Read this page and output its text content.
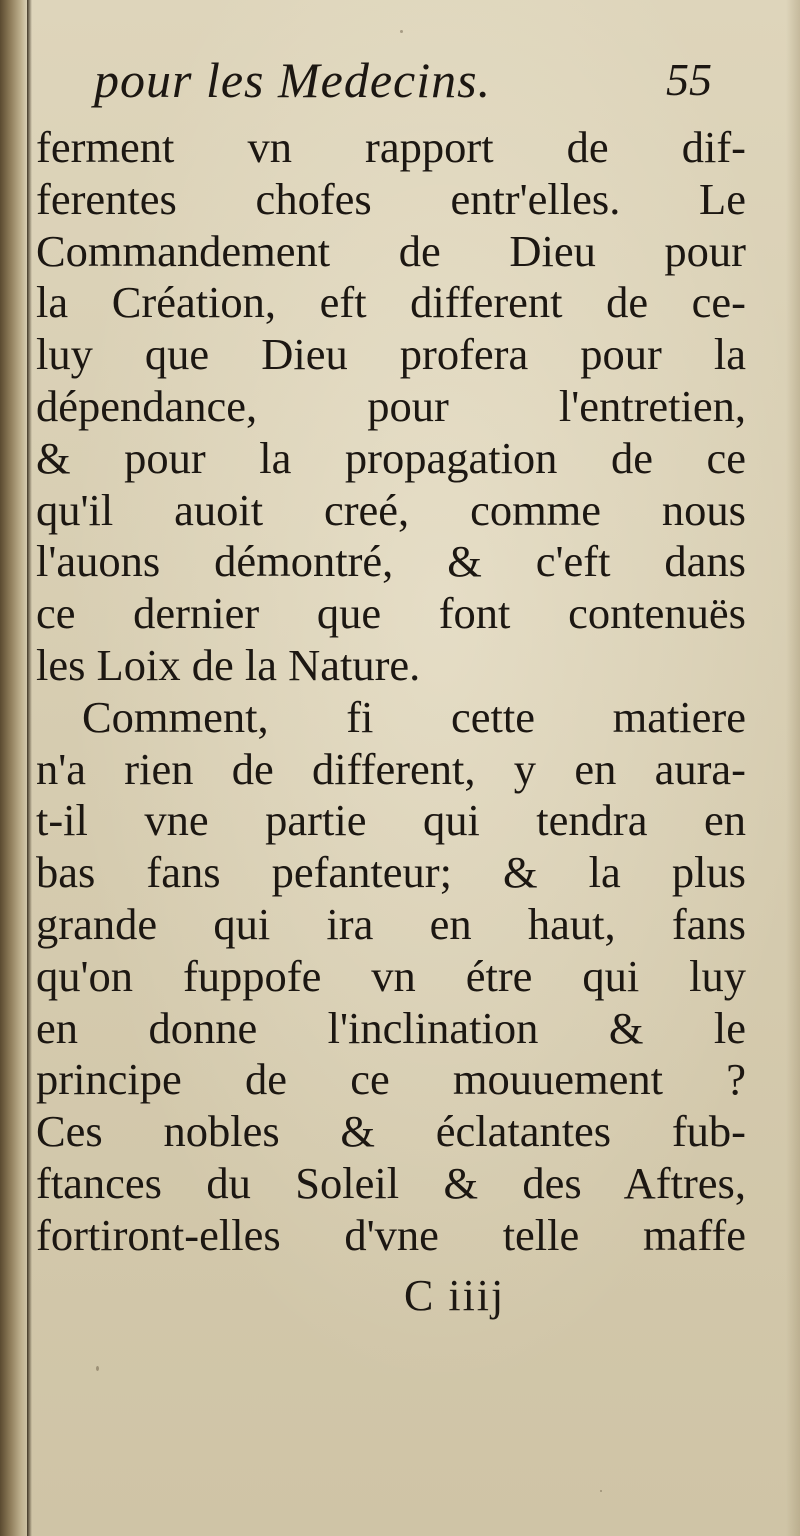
pour les Medecins.	55
ferment vn rapport de dif-
ferentes chofes entr'elles. Le
Commandement de Dieu pour
la Création, eft different de ce-
luy que Dieu profera pour la
dépendance, pour l'entretien,
& pour la propagation de ce
qu'il auoit creé, comme nous
l'auons démontré, & c'eft dans
ce dernier que font contenuës
les Loix de la Nature.
Comment, fi cette matiere
n'a rien de different, y en aura-
t-il vne partie qui tendra en
bas fans pefanteur; & la plus
grande qui ira en haut, fans
qu'on fuppofe vn étre qui luy
en donne l'inclination & le
principe de ce mouuement ?
Ces nobles & éclatantes fub-
ftances du Soleil & des Aftres,
fortiront-elles d'vne telle maffe
C iiij
